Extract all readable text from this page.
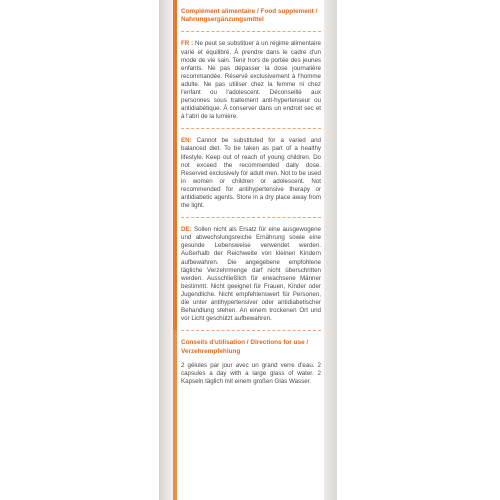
Complément alimentaire / Food supplement / Nahrungsergänzungsmittel

FR : Ne peut se substituer à un régime alimentaire varié et équilibré. À prendre dans le cadre d'un mode de vie sain. Tenir hors de portée des jeunes enfants. Ne pas dépasser la dose journalière recommandée. Réservé exclusivement à l'homme adulte. Ne pas utiliser chez la femme ni chez l'enfant ou l'adolescent. Déconseillé aux personnes sous traitement anti-hypertenseur ou antidiabétique. À conserver dans un endroit sec et à l'abri de la lumière.

EN: Cannot be substituted for a varied and balanced diet. To be taken as part of a healthy lifestyle. Keep out of reach of young children. Do not exceed the recommended daily dose. Reserved exclusively for adult men. Not to be used in women or children or adolescent. Not recommended for antihypertensive therapy or antidiabetic agents. Store in a dry place away from the light.

DE: Sollen nicht als Ersatz für eine ausgewogene und abwechslungsreiche Ernährung sowie eine gesunde Lebensweise verwendet werden. Außerhalb der Reichweite von kleinen Kindern aufbewahren. Die angegebene empfohlene tägliche Verzehrmenge darf nicht überschritten werden. Ausschließlich für erwachsene Männer bestimmt. Nicht geeignet für Frauen, Kinder oder Jugendliche. Nicht empfehlenswert für Personen, die unter antihypertensiver oder antidiabetischer Behandlung stehen. An einem trockenen Ort und vor Licht geschützt aufbewahren.

Conseils d'utilisation / Directions for use / Verzehrempfehlung

2 gélules par jour avec un grand verre d'eau. 2 capsules a day with a large glass of water. 2 Kapseln täglich mit einem großen Glas Wasser.
